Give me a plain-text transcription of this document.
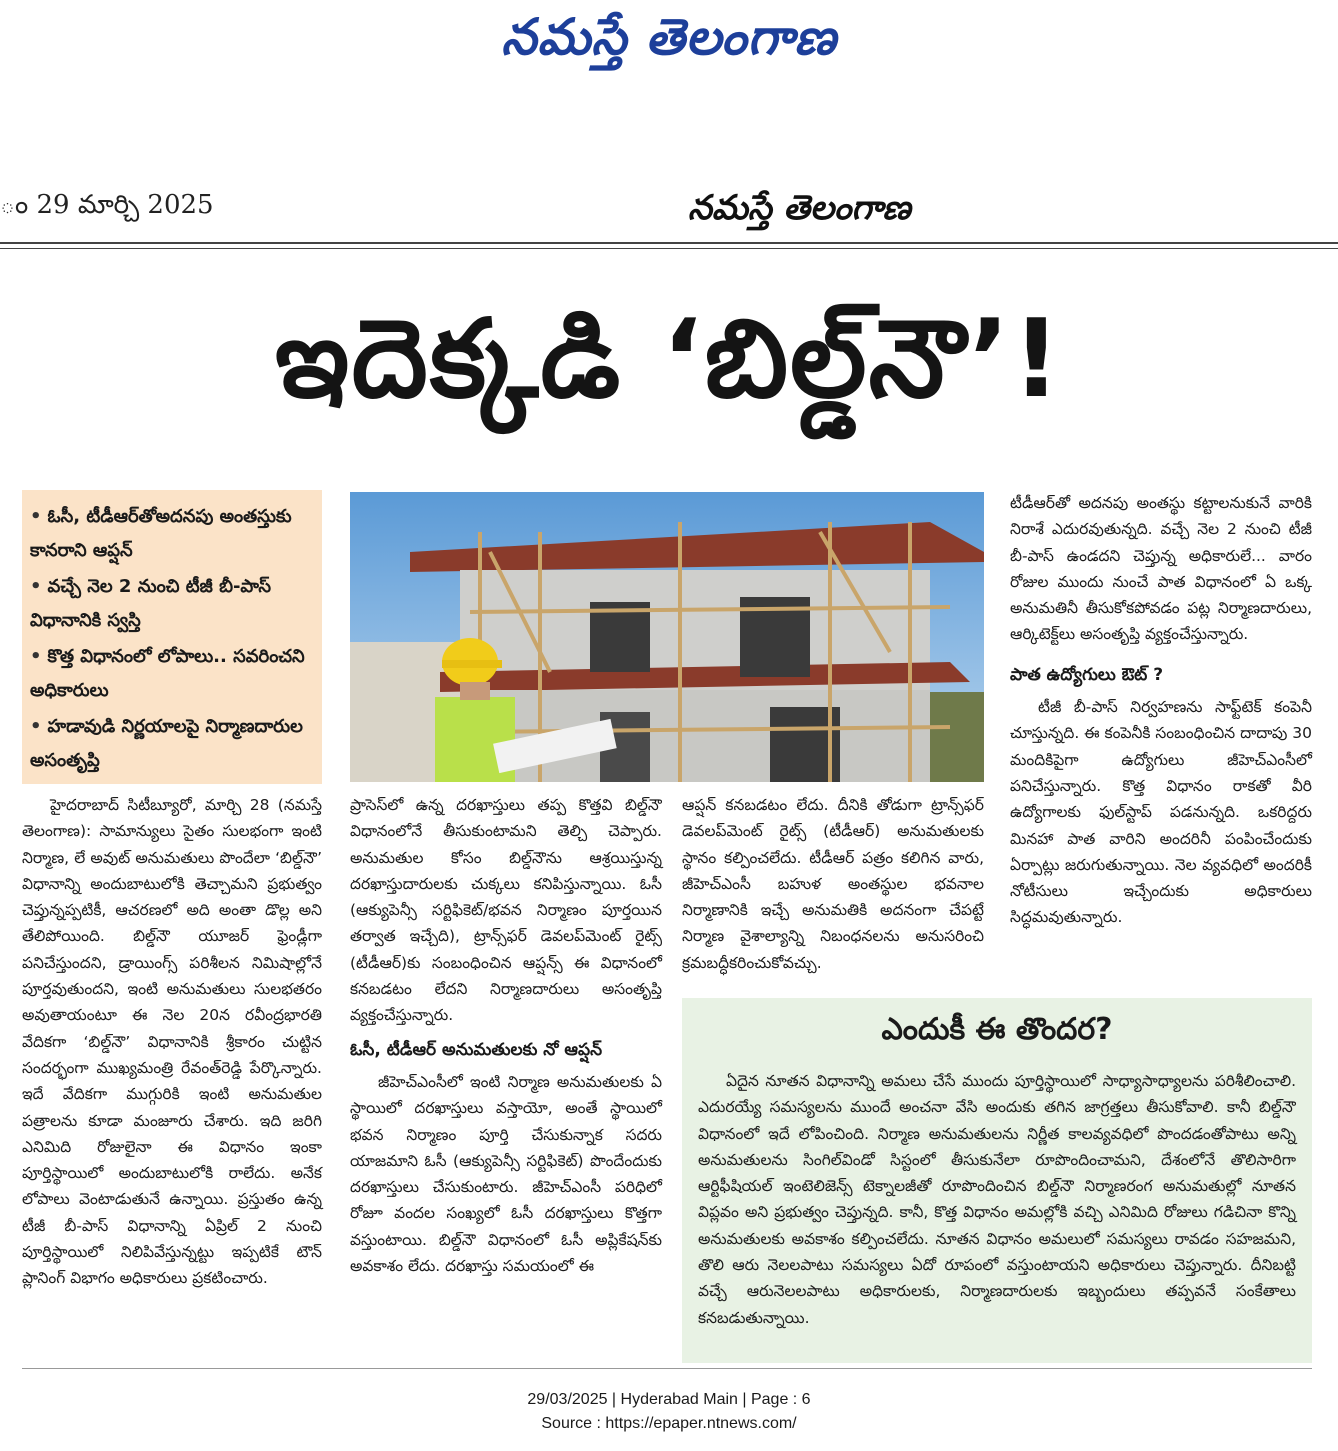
నమస్తే తెలంగాణ
ం 29 మార్చి 2025	నమస్తే తెలంగాణ
ఇదెక్కడి ‘బిల్డ్‌నౌ’!
• ఓసీ, టీడీఆర్‌తోఅదనపు అంతస్తుకు కానరాని ఆప్షన్
• వచ్చే నెల 2 నుంచి టీజీ బీ-పాస్ విధానానికి స్వస్తి
• కొత్త విధానంలో లోపాలు.. సవరించని అధికారులు
• హడావుడి నిర్ణయాలపై నిర్మాణదారుల అసంతృప్తి

హైదరాబాద్ సిటీబ్యూరో, మార్చి 28 (నమస్తే తెలంగాణ): సామాన్యులు సైతం సులభంగా ఇంటి నిర్మాణ, లే అవుట్ అనుమతులు పొందేలా ‘బిల్డ్‌నౌ’ విధానాన్ని అందుబాటులోకి తెచ్చామని ప్రభుత్వం చెప్తున్నప్పటికీ, ఆచరణలో అది అంతా డొల్ల అని తేలిపోయింది. బిల్డ్‌నౌ యూజర్ ఫ్రెండ్లీగా పనిచేస్తుందని, డ్రాయింగ్స్ పరిశీలన నిమిషాల్లోనే పూర్తవుతుందని, ఇంటి అనుమతులు సులభతరం అవుతాయంటూ ఈ నెల 20న రవీంద్రభారతి వేదికగా ‘బిల్డ్‌నౌ’ విధానానికి శ్రీకారం చుట్టిన సందర్భంగా ముఖ్యమంత్రి రేవంత్‌రెడ్డి పేర్కొన్నారు. ఇదే వేదికగా ముగ్గురికి ఇంటి అనుమతుల పత్రాలను కూడా మంజూరు చేశారు. ఇది జరిగి ఎనిమిది రోజులైనా ఈ విధానం ఇంకా పూర్తిస్థాయిలో అందుబాటులోకి రాలేదు. అనేక లోపాలు వెంటాడుతునే ఉన్నాయి. ప్రస్తుతం ఉన్న టీజీ బీ-పాస్ విధానాన్ని ఏప్రిల్ 2 నుంచి పూర్తిస్థాయిలో నిలిపివేస్తున్నట్టు ఇప్పటికే టౌన్ ప్లానింగ్ విభాగం అధికారులు ప్రకటించారు.

ప్రాసెస్‌లో ఉన్న దరఖాస్తులు తప్ప కొత్తవి బిల్డ్‌నౌ విధానంలోనే తీసుకుంటామని తెల్చి చెప్పారు. అనుమతుల కోసం బిల్డ్‌నౌను ఆశ్రయిస్తున్న దరఖాస్తుదారులకు చుక్కలు కనిపిస్తున్నాయి. ఓసీ (ఆక్యుపెన్సీ సర్టిఫికెట్/భవన నిర్మాణం పూర్తయిన తర్వాత ఇచ్చేది), ట్రాన్స్‌ఫర్ డెవలప్‌మెంట్ రైట్స్ (టీడీఆర్)కు సంబంధించిన ఆప్షన్స్ ఈ విధానంలో కనబడటం లేదని నిర్మాణదారులు అసంతృప్తి వ్యక్తంచేస్తున్నారు.

ఓసీ, టీడీఆర్ అనుమతులకు నో ఆప్షన్

జీహెచ్ఎంసీలో ఇంటి నిర్మాణ అనుమతులకు ఏ స్థాయిలో దరఖాస్తులు వస్తాయో, అంతే స్థాయిలో భవన నిర్మాణం పూర్తి చేసుకున్నాక సదరు యాజమాని ఓసీ (ఆక్యుపెన్సీ సర్టిఫికెట్) పొందేందుకు దరఖాస్తులు చేసుకుంటారు. జీహెచ్ఎంసీ పరిధిలో రోజూ వందల సంఖ్యలో ఓసీ దరఖాస్తులు కొత్తగా వస్తుంటాయి. బిల్డ్‌నౌ విధానంలో ఓసీ అప్లికేషన్‌కు అవకాశం లేదు. దరఖాస్తు సమయంలో ఈ

ఆప్షన్ కనబడటం లేదు. దీనికి తోడుగా ట్రాన్స్‌ఫర్ డెవలప్‌మెంట్ రైట్స్ (టీడీఆర్) అనుమతులకు స్థానం కల్పించలేదు. టీడీఆర్ పత్రం కలిగిన వారు, జీహెచ్ఎంసీ బహుళ అంతస్థుల భవనాల నిర్మాణానికి ఇచ్చే అనుమతికి అదనంగా చేపట్టే నిర్మాణ వైశాల్యాన్ని నిబంధనలను అనుసరించి క్రమబద్ధీకరించుకోవచ్చు.

టీడీఆర్‌తో అదనపు అంతస్థు కట్టాలనుకునే వారికి నిరాశే ఎదురవుతున్నది. వచ్చే నెల 2 నుంచి టీజీ బీ-పాస్ ఉండదని చెప్తున్న అధికారులే... వారం రోజుల ముందు నుంచే పాత విధానంలో ఏ ఒక్క అనుమతినీ తీసుకోకపోవడం పట్ల నిర్మాణదారులు, ఆర్కిటెక్ట్‌లు అసంతృప్తి వ్యక్తంచేస్తున్నారు.

పాత ఉద్యోగులు ఔట్ ?

టీజీ బీ-పాస్ నిర్వహణను సాఫ్ట్‌టెక్ కంపెనీ చూస్తున్నది. ఈ కంపెనీకి సంబంధించిన దాదాపు 30 మందికిపైగా ఉద్యోగులు జీహెచ్ఎంసీలో పనిచేస్తున్నారు. కొత్త విధానం రాకతో వీరి ఉద్యోగాలకు ఫుల్‌స్టాప్ పడనున్నది. ఒకరిద్దరు మినహా పాత వారిని అందరినీ పంపించేందుకు ఏర్పాట్లు జరుగుతున్నాయి. నెల వ్యవధిలో అందరికీ నోటీసులు ఇచ్చేందుకు అధికారులు సిద్ధమవుతున్నారు.

ఎందుకీ ఈ తొందర?

ఏదైన నూతన విధానాన్ని అమలు చేసే ముందు పూర్తిస్థాయిలో సాధ్యాసాధ్యాలను పరిశీలించాలి. ఎదురయ్యే సమస్యలను ముందే అంచనా వేసి అందుకు తగిన జాగ్రత్తలు తీసుకోవాలి. కానీ బిల్డ్‌నౌ విధానంలో ఇదే లోపించింది. నిర్మాణ అనుమతులను నిర్ణీత కాలవ్యవధిలో పొందడంతోపాటు అన్ని అనుమతులను సింగిల్‌విండో సిస్టంలో తీసుకునేలా రూపొందించామని, దేశంలోనే తొలిసారిగా ఆర్టిఫీషియల్ ఇంటెలిజెన్స్ టెక్నాలజీతో రూపొందించిన బిల్డ్‌నౌ నిర్మాణరంగ అనుమతుల్లో నూతన విప్లవం అని ప్రభుత్వం చెప్తున్నది. కానీ, కొత్త విధానం అమల్లోకి వచ్చి ఎనిమిది రోజులు గడిచినా కొన్ని అనుమతులకు అవకాశం కల్పించలేదు. నూతన విధానం అమలులో సమస్యలు రావడం సహజమని, తొలి ఆరు నెలలపాటు సమస్యలు ఏదో రూపంలో వస్తుంటాయని అధికారులు చెప్తున్నారు. దీనిబట్టి వచ్చే ఆరునెలలపాటు అధికారులకు, నిర్మాణదారులకు ఇబ్బందులు తప్పవనే సంకేతాలు కనబడుతున్నాయి.

29/03/2025 | Hyderabad Main | Page : 6
Source : https://epaper.ntnews.com/
